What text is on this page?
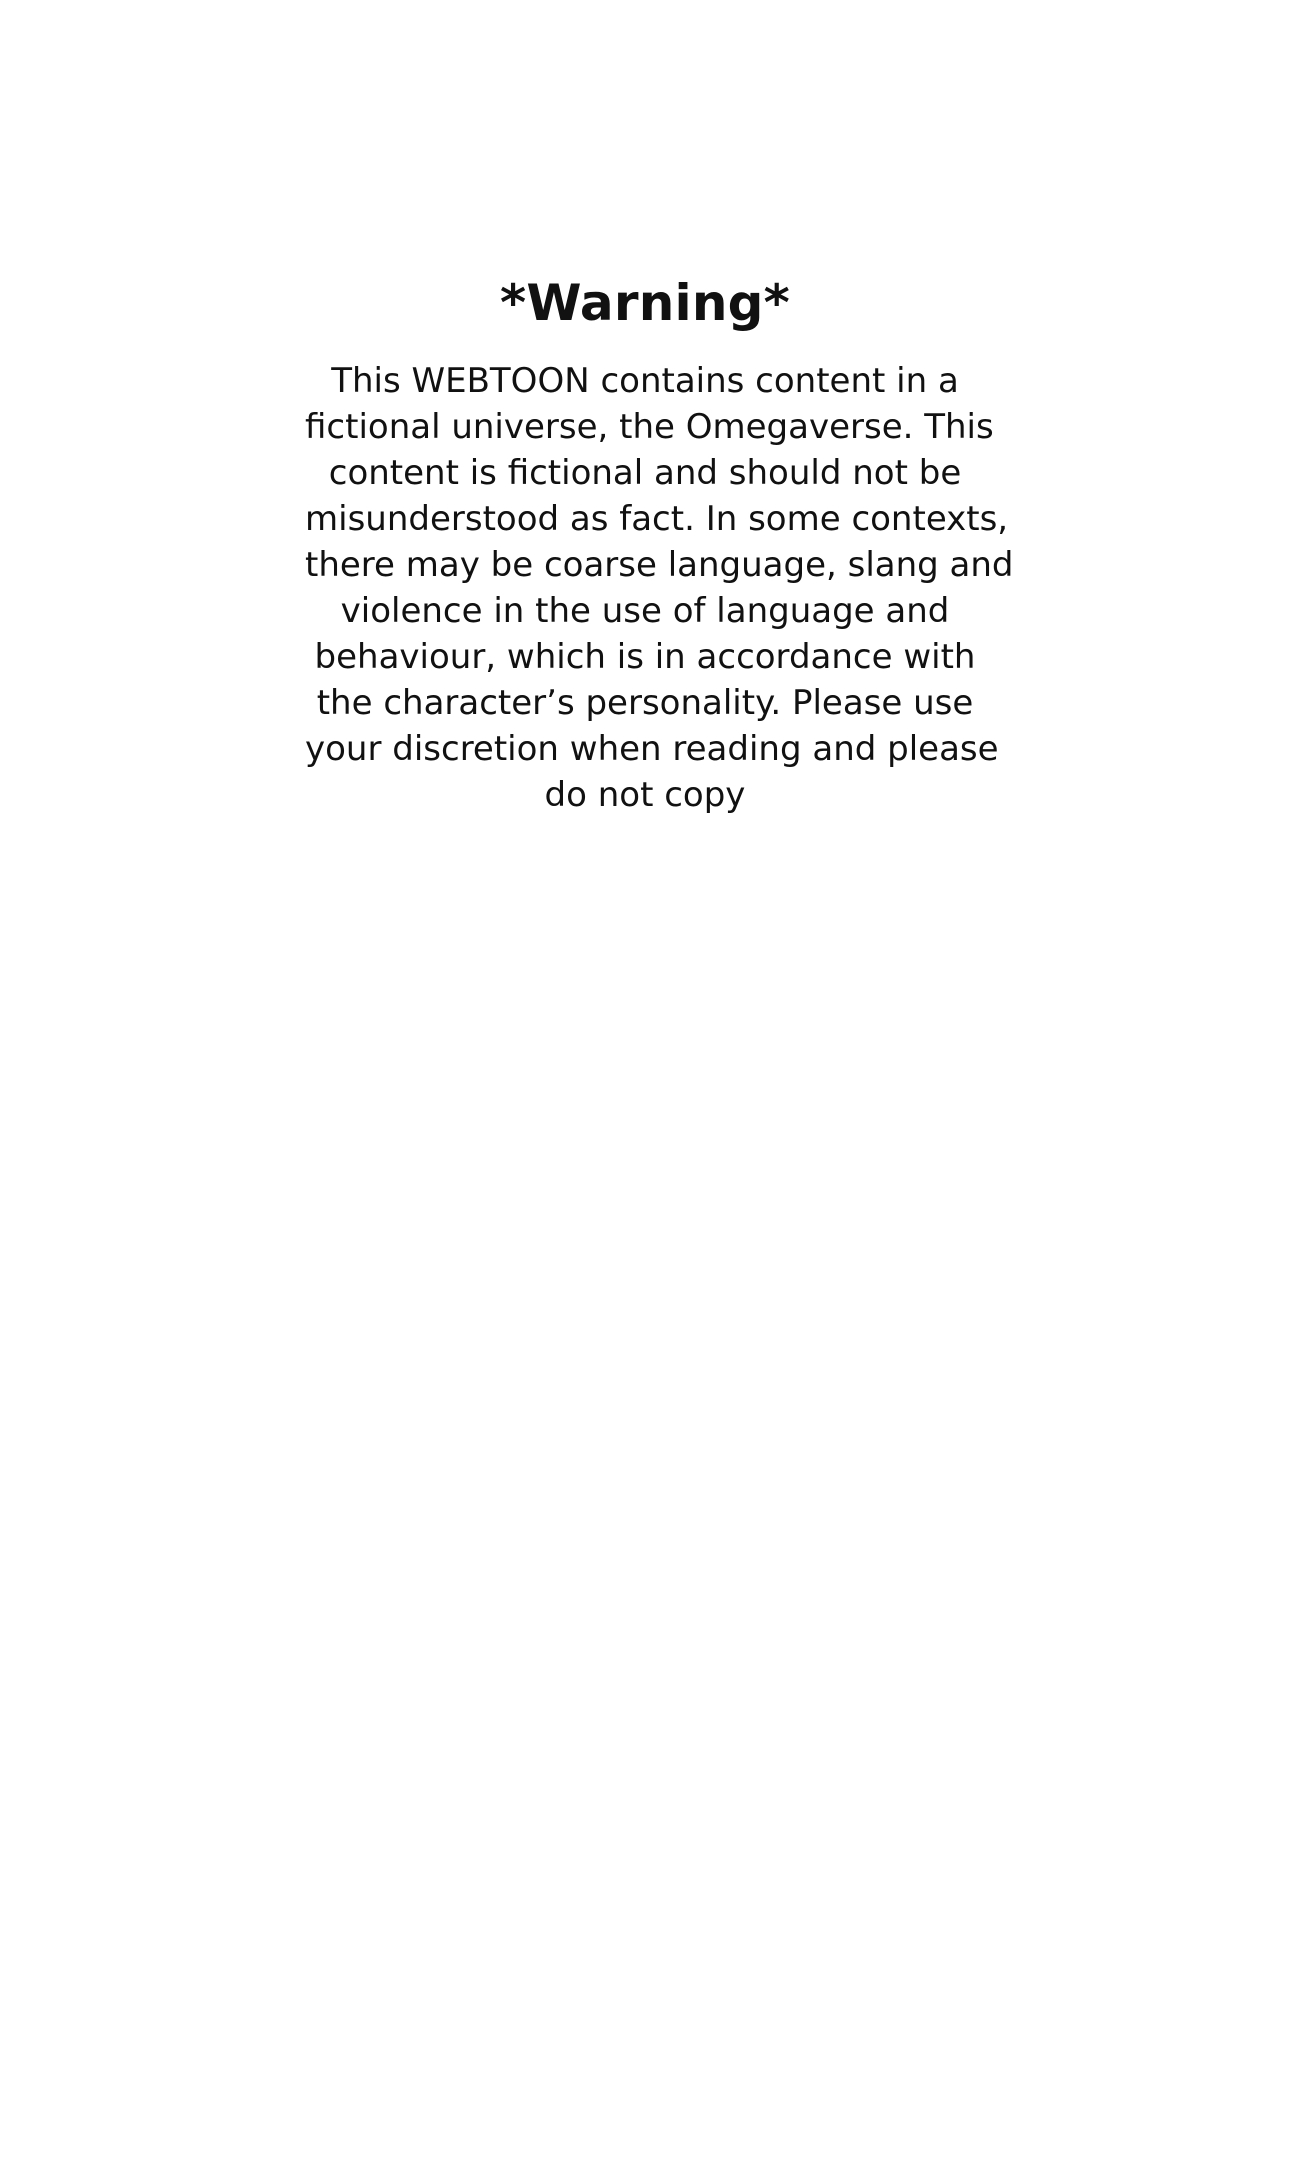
*Warning*

This WEBTOON contains content in a
fictional universe, the Omegaverse. This
content is fictional and should not be
misunderstood as fact. In some contexts,
there may be coarse language, slang and
violence in the use of language and
behaviour, which is in accordance with
the character’s personality. Please use
your discretion when reading and please
do not copy
